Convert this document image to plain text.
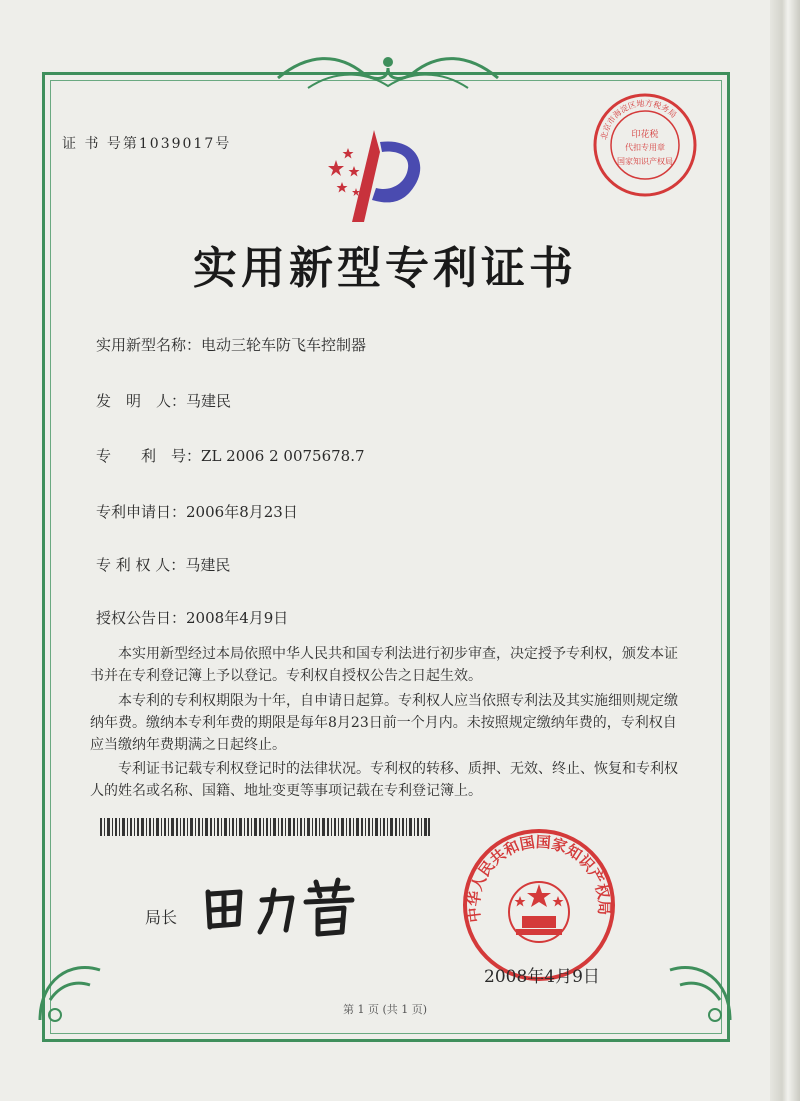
证 书 号第1039017号
北京市海淀区地方税务局
印花税
代扣专用章
国家知识产权局
实用新型专利证书
实用新型名称：电动三轮车防飞车控制器
发　明　人：马建民
专　　利　号：ZL 2006 2 0075678.7
专利申请日：2006年8月23日
专 利 权 人：马建民
授权公告日：2008年4月9日
本实用新型经过本局依照中华人民共和国专利法进行初步审查，决定授予专利权，颁发本证书并在专利登记簿上予以登记。专利权自授权公告之日起生效。
本专利的专利权期限为十年，自申请日起算。专利权人应当依照专利法及其实施细则规定缴纳年费。缴纳本专利年费的期限是每年8月23日前一个月内。未按照规定缴纳年费的，专利权自应当缴纳年费期满之日起终止。
专利证书记载专利权登记时的法律状况。专利权的转移、质押、无效、终止、恢复和专利权人的姓名或名称、国籍、地址变更等事项记载在专利登记簿上。
中华人民共和国国家知识产权局
局长
2008年4月9日
第 1 页 (共 1 页)
